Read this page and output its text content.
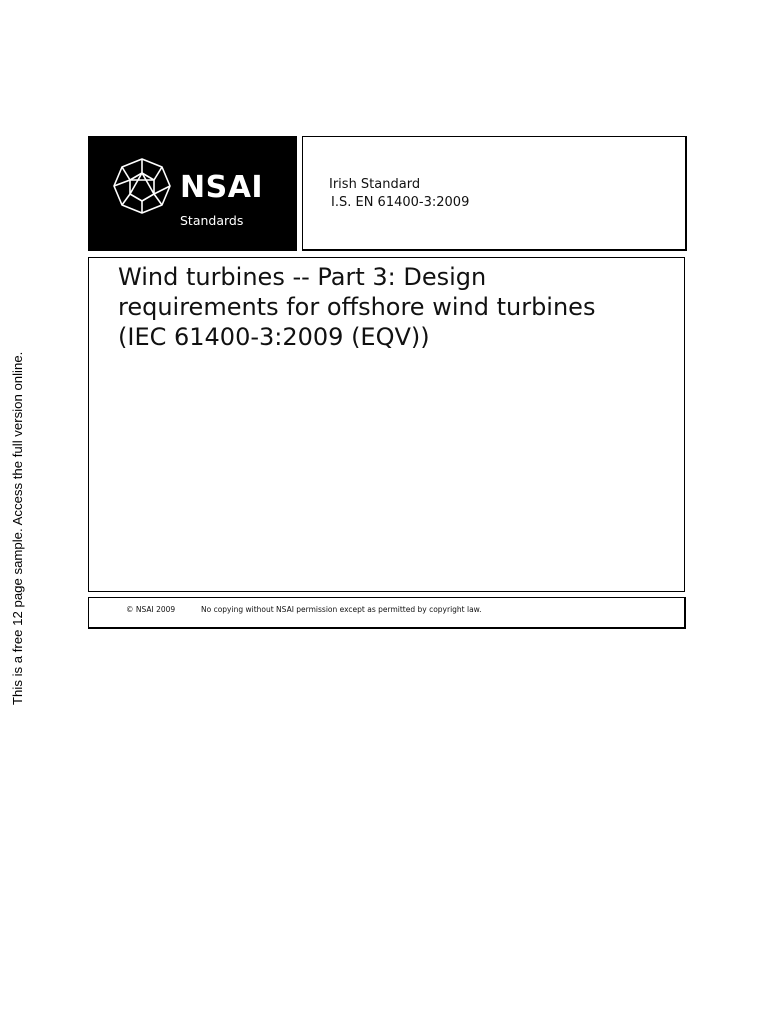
This is a free 12 page sample. Access the full version online.
NSAI
Standards
Irish Standard
I.S. EN 61400-3:2009
Wind turbines -- Part 3: Design requirements for offshore wind turbines (IEC 61400-3:2009 (EQV))
© NSAI 2009	No copying without NSAI permission except as permitted by copyright law.
